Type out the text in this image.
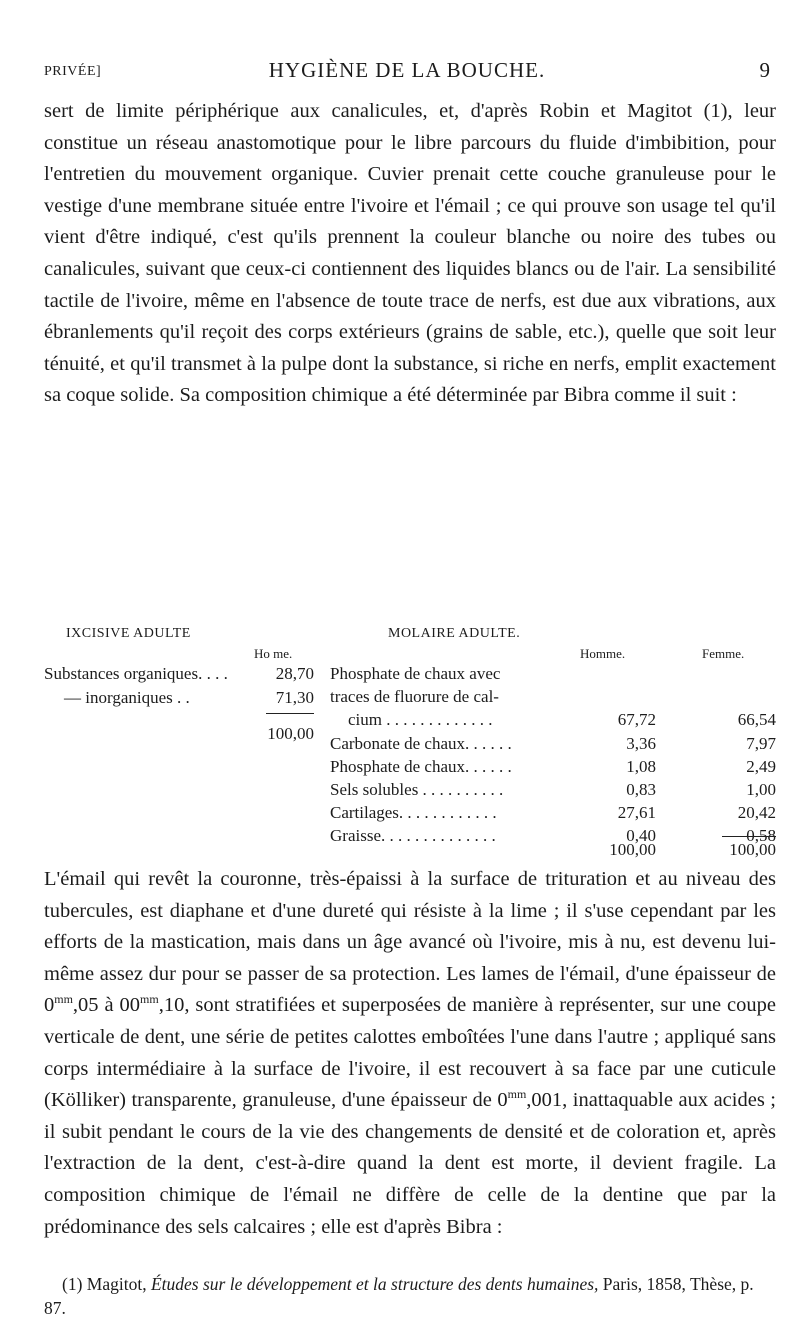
PRIVÉE]	HYGIÈNE DE LA BOUCHE.	9

sert de limite périphérique aux canalicules, et, d'après Robin et Magitot (1), leur constitue un réseau anastomotique pour le libre parcours du fluide d'imbibition, pour l'entretien du mouvement organique. Cuvier prenait cette couche granuleuse pour le vestige d'une membrane située entre l'ivoire et l'émail ; ce qui prouve son usage tel qu'il vient d'être indiqué, c'est qu'ils prennent la couleur blanche ou noire des tubes ou canalicules, suivant que ceux-ci contiennent des liquides blancs ou de l'air. La sensibilité tactile de l'ivoire, même en l'absence de toute trace de nerfs, est due aux vibrations, aux ébranlements qu'il reçoit des corps extérieurs (grains de sable, etc.), quelle que soit leur ténuité, et qu'il transmet à la pulpe dont la substance, si riche en nerfs, emplit exactement sa coque solide. Sa composition chimique a été déterminée par Bibra comme il suit :

IXCISIVE ADULTE
Ho me.
Substances organiques. . . .	28,70
— inorganiques . .	71,30
100,00
MOLAIRE ADULTE.
Homme.	Femme.
Phosphate de chaux avec
traces de fluorure de cal-
cium . . . . . . . . . . . . .	67,72	66,54
Carbonate de chaux. . . . . .	3,36	7,97
Phosphate de chaux. . . . . .	1,08	2,49
Sels solubles . . . . . . . . . .	0,83	1,00
Cartilages. . . . . . . . . . . .	27,61	20,42
Graisse. . . . . . . . . . . . . .	0,40	0,58
100,00	100,00

L'émail qui revêt la couronne, très-épaissi à la surface de trituration et au niveau des tubercules, est diaphane et d'une dureté qui résiste à la lime ; il s'use cependant par les efforts de la mastication, mais dans un âge avancé où l'ivoire, mis à nu, est devenu lui-même assez dur pour se passer de sa protection. Les lames de l'émail, d'une épaisseur de $0^{mm},05$ à $00^{mm},10$, sont stratifiées et superposées de manière à représenter, sur une coupe verticale de dent, une série de petites calottes emboîtées l'une dans l'autre ; appliqué sans corps intermédiaire à la surface de l'ivoire, il est recouvert à sa face par une cuticule (Kölliker) transparente, granuleuse, d'une épaisseur de $0^{mm},001$, inattaquable aux acides ; il subit pendant le cours de la vie des changements de densité et de coloration et, après l'extraction de la dent, c'est-à-dire quand la dent est morte, il devient fragile. La composition chimique de l'émail ne diffère de celle de la dentine que par la prédominance des sels calcaires ; elle est d'après Bibra :

(1) Magitot, Études sur le développement et la structure des dents humaines, Paris, 1858, Thèse, p. 87.
